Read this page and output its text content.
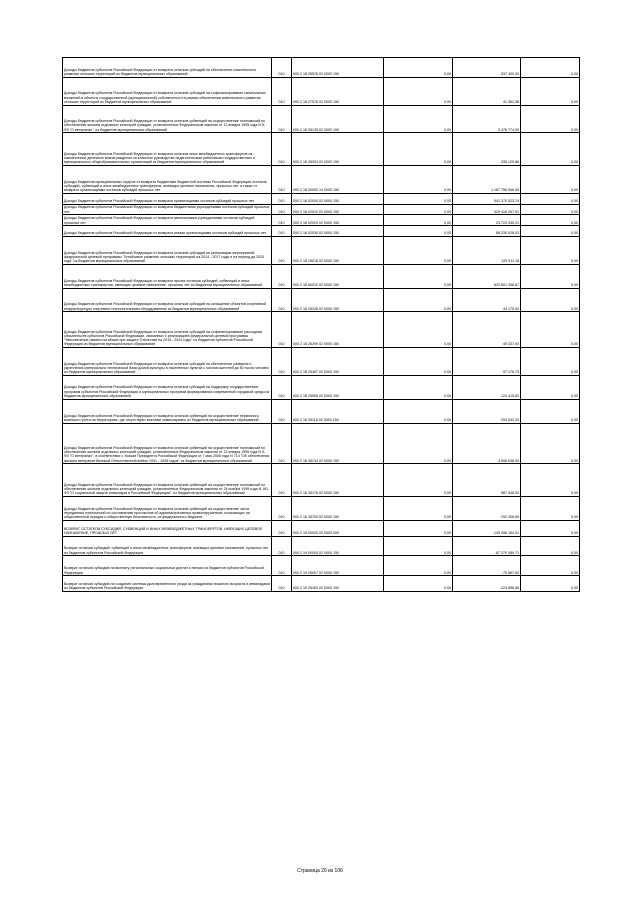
Доходы бюджетов субъектов Российской Федерации от возврата остатков субсидий на обеспечение комплексного развития сельских территорий из бюджетов муниципальных образований	010	000 2 18 25576 02 0000 150	0,00	537 400,00	0,00
Доходы бюджетов субъектов Российской Федерации от возврата остатков субсидий на софинансирование капитальных вложений в объекты государственной (муниципальной) собственности в рамках обеспечения комплексного развития сельских территорий из бюджетов муниципальных образований	010	000 2 18 27576 02 0000 150	0,00	41 362,58	0,00
Доходы бюджетов субъектов Российской Федерации от возврата остатков субвенций на осуществление полномочий по обеспечению жильем отдельных категорий граждан, установленных Федеральным законом от 12 января 1995 года N 5-ФЗ "О ветеранах", из бюджетов муниципальных образований	010	000 2 18 35135 02 0000 150	0,00	3 478 774,00	0,00
Доходы бюджетов субъектов Российской Федерации от возврата остатков иных межбюджетных трансфертов на ежемесячное денежное вознаграждение за классное руководство педагогическим работникам государственных и муниципальных общеобразовательных организаций из бюджетов муниципальных образований	010	000 2 18 45303 02 0000 150	0,00	335 129,86	0,00
Доходы бюджетов муниципальных округов от возврата бюджетами бюджетной системы Российской Федерации остатков субсидий, субвенций и иных межбюджетных трансфертов, имеющих целевое назначение, прошлых лет, а также от возврата организациями остатков субсидий прошлых лет	010	000 2 18 00000 14 0000 150	0,00	1 167 756 546,05	0,00
Доходы бюджетов субъектов Российской Федерации от возврата организациями остатков субсидий прошлых лет	010	000 2 18 02000 02 0000 150	0,00	541 370 523,74	0,00
Доходы бюджетов субъектов Российской Федерации от возврата бюджетными учреждениями остатков субсидий прошлых лет	010	000 2 18 02010 02 0000 150	0,00	429 416 267,51	0,00
Доходы бюджетов субъектов Российской Федерации от возврата автономными учреждениями остатков субсидий прошлых лет	010	000 2 18 02020 02 0000 150	0,00	23 723 330,21	0,00
Доходы бюджетов субъектов Российской Федерации от возврата иными организациями остатков субсидий прошлых лет	010	000 2 18 02030 02 0000 150	0,00	88 230 926,02	0,00
Доходы бюджетов субъектов Российской Федерации от возврата остатков субсидий на реализацию мероприятий федеральной целевой программы "Устойчивое развитие сельских территорий на 2014 - 2017 годы и на период до 2020 года" из бюджетов муниципальных образований	010	000 2 18 25018 02 0000 150	0,00	129 911,18	0,00
Доходы бюджетов субъектов Российской Федерации от возврата прочих остатков субсидий, субвенций и иных межбюджетных трансфертов, имеющих целевое назначение, прошлых лет из бюджетов муниципальных образований	010	000 2 18 60010 02 0000 150	0,00	620 601 396,67	0,00
Доходы бюджетов субъектов Российской Федерации от возврата остатков субсидий на оснащение объектов спортивной инфраструктуры спортивно-технологическим оборудованием из бюджетов муниципальных образований	010	000 2 18 25228 02 0000 150	0,00	44 175,00	0,00
Доходы бюджетов субъектов Российской Федерации от возврата остатков субсидий на софинансирование расходных обязательств субъектов Российской Федерации, связанных с реализацией федеральной целевой программы "Увековечение памяти погибших при защите Отечества на 2019 - 2024 годы" из бюджетов субъектов Российской Федерации из бюджетов муниципальных образований	010	000 2 18 25299 02 0000 150	0,00	49 337,00	0,00
Доходы бюджетов субъектов Российской Федерации от возврата остатков субсидий на обеспечение развития и укрепления материально-технической базы домов культуры в населенных пунктах с числом жителей до 50 тысяч человек из бюджетов муниципальных образований	010	000 2 18 25467 02 0000 150	0,00	97 176,73	0,00
Доходы бюджетов субъектов Российской Федерации от возврата остатков субсидий на поддержку государственных программ субъектов Российской Федерации и муниципальных программ формирования современной городской среды из бюджетов муниципальных образований	010	000 2 18 25555 02 0000 150	0,00	124 415,82	0,00
Доходы бюджетов субъектов Российской Федерации от возврата остатков субвенций на осуществление первичного воинского учета на территориях, где отсутствуют военные комиссариаты из бюджетов муниципальных образований	010	000 2 18 35118 02 0000 150	0,00	293 542,20	0,00
Доходы бюджетов субъектов Российской Федерации от возврата остатков субвенций на осуществление полномочий по обеспечению жильем отдельных категорий граждан, установленных Федеральным законом от 12 января 1995 года N 5-ФЗ "О ветеранах", в соответствии с Указом Президента Российской Федерации от 7 мая 2008 года N 714 "Об обеспечении жильем ветеранов Великой Отечественной войны 1941 - 1945 годов" из бюджетов муниципальных образований	010	000 2 18 35134 02 0000 150	0,00	4 696 636,00	0,00
Доходы бюджетов субъектов Российской Федерации от возврата остатков субвенций на осуществление полномочий по обеспечению жильем отдельных категорий граждан, установленных Федеральным законом от 24 ноября 1995 года N 181-ФЗ "О социальной защите инвалидов в Российской Федерации", из бюджетов муниципальных образований	010	000 2 18 35176 02 0000 150	0,00	587 548,00	0,00
Доходы бюджетов субъектов Российской Федерации от возврата остатков субвенций на осуществление части переданных полномочий по составлению протоколов об административных правонарушениях, посягающих на общественный порядок и общественную безопасность, из федерального бюджета	010	000 2 18 35700 02 0000 150	0,00	292 306,69	0,00
ВОЗВРАТ ОСТАТКОВ СУБСИДИЙ, СУБВЕНЦИЙ И ИНЫХ МЕЖБЮДЖЕТНЫХ ТРАНСФЕРТОВ, ИМЕЮЩИХ ЦЕЛЕВОЕ НАЗНАЧЕНИЕ, ПРОШЛЫХ ЛЕТ	010	000 2 19 00000 00 0000 000	0,00	-145 496 154,31	0,00
Возврат остатков субсидий, субвенций и иных межбюджетных трансфертов, имеющих целевое назначение, прошлых лет из бюджетов субъектов Российской Федерации	010	000 2 19 00000 02 0000 150	0,00	-87 370 089,71	0,00
Возврат остатков субсидий на выплату региональных социальных доплат к пенсии из бюджетов субъектов Российской Федерации	010	000 2 19 25007 02 0000 150	0,00	-75 587,63	0,00
Возврат остатков субсидий на создание системы долговременного ухода за гражданами пожилого возраста и инвалидами из бюджетов субъектов Российской Федерации	010	000 2 19 25163 02 0000 150	0,00	-224 896,58	0,00
Страница 20 из 106
